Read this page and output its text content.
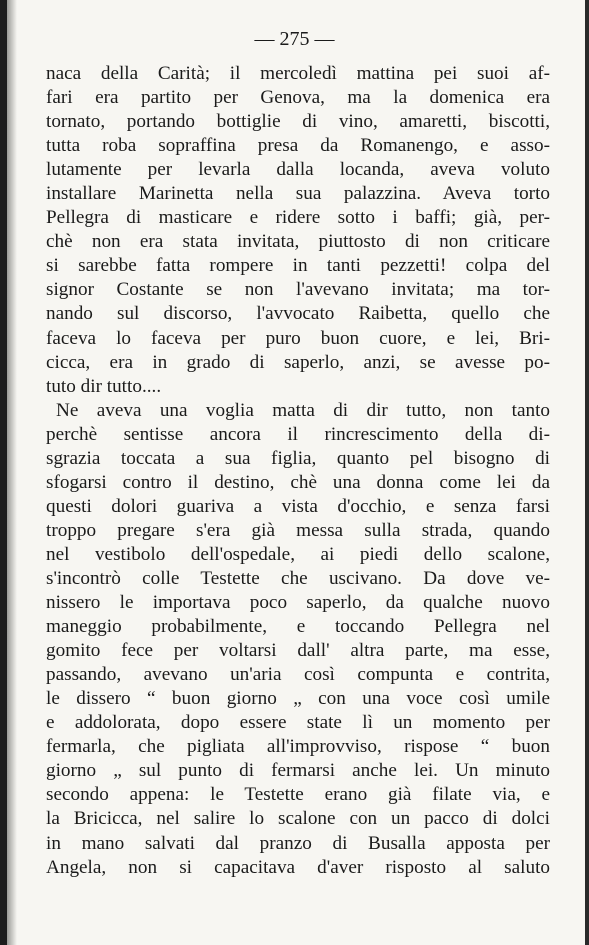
— 275 —

naca della Carità; il mercoledì mattina pei suoi af-
fari era partito per Genova, ma la domenica era
tornato, portando bottiglie di vino, amaretti, biscotti,
tutta roba sopraffina presa da Romanengo, e asso-
lutamente per levarla dalla locanda, aveva voluto
installare Marinetta nella sua palazzina. Aveva torto
Pellegra di masticare e ridere sotto i baffi; già, per-
chè non era stata invitata, piuttosto di non criticare
si sarebbe fatta rompere in tanti pezzetti! colpa del
signor Costante se non l'avevano invitata; ma tor-
nando sul discorso, l'avvocato Raibetta, quello che
faceva lo faceva per puro buon cuore, e lei, Bri-
cicca, era in grado di saperlo, anzi, se avesse po-
tuto dir tutto....
Ne aveva una voglia matta di dir tutto, non tanto
perchè sentisse ancora il rincrescimento della di-
sgrazia toccata a sua figlia, quanto pel bisogno di
sfogarsi contro il destino, chè una donna come lei da
questi dolori guariva a vista d'occhio, e senza farsi
troppo pregare s'era già messa sulla strada, quando
nel vestibolo dell'ospedale, ai piedi dello scalone,
s'incontrò colle Testette che uscivano. Da dove ve-
nissero le importava poco saperlo, da qualche nuovo
maneggio probabilmente, e toccando Pellegra nel
gomito fece per voltarsi dall' altra parte, ma esse,
passando, avevano un'aria così compunta e contrita,
le dissero “ buon giorno „ con una voce così umile
e addolorata, dopo essere state lì un momento per
fermarla, che pigliata all'improvviso, rispose “ buon
giorno „ sul punto di fermarsi anche lei. Un minuto
secondo appena: le Testette erano già filate via, e
la Bricicca, nel salire lo scalone con un pacco di dolci
in mano salvati dal pranzo di Busalla apposta per
Angela, non si capacitava d'aver risposto al saluto
